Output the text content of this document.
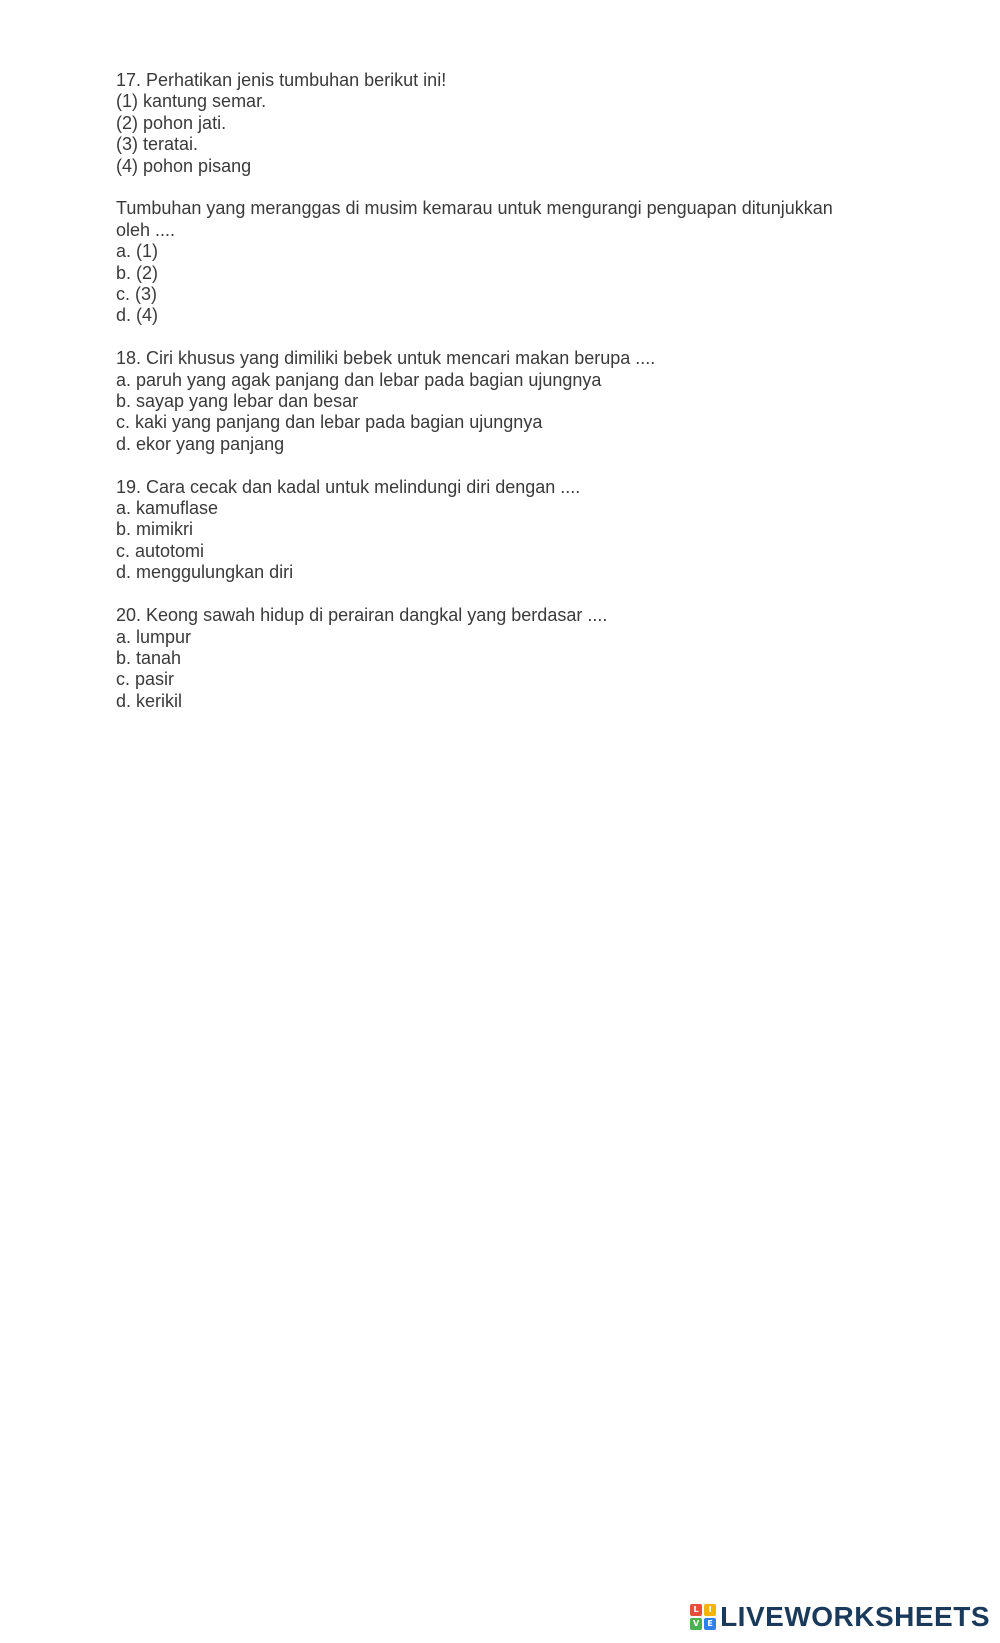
17. Perhatikan jenis tumbuhan berikut ini!
(1) kantung semar.
(2) pohon jati.
(3) teratai.
(4) pohon pisang
Tumbuhan yang meranggas di musim kemarau untuk mengurangi penguapan ditunjukkan
oleh ....
a. (1)
b. (2)
c. (3)
d. (4)
18. Ciri khusus yang dimiliki bebek untuk mencari makan berupa ....
a. paruh yang agak panjang dan lebar pada bagian ujungnya
b. sayap yang lebar dan besar
c. kaki yang panjang dan lebar pada bagian ujungnya
d. ekor yang panjang
19. Cara cecak dan kadal untuk melindungi diri dengan ....
a. kamuflase
b. mimikri
c. autotomi
d. menggulungkan diri
20. Keong sawah hidup di perairan dangkal yang berdasar ....
a. lumpur
b. tanah
c. pasir
d. kerikil
L	I
V	E LIVEWORKSHEETS
